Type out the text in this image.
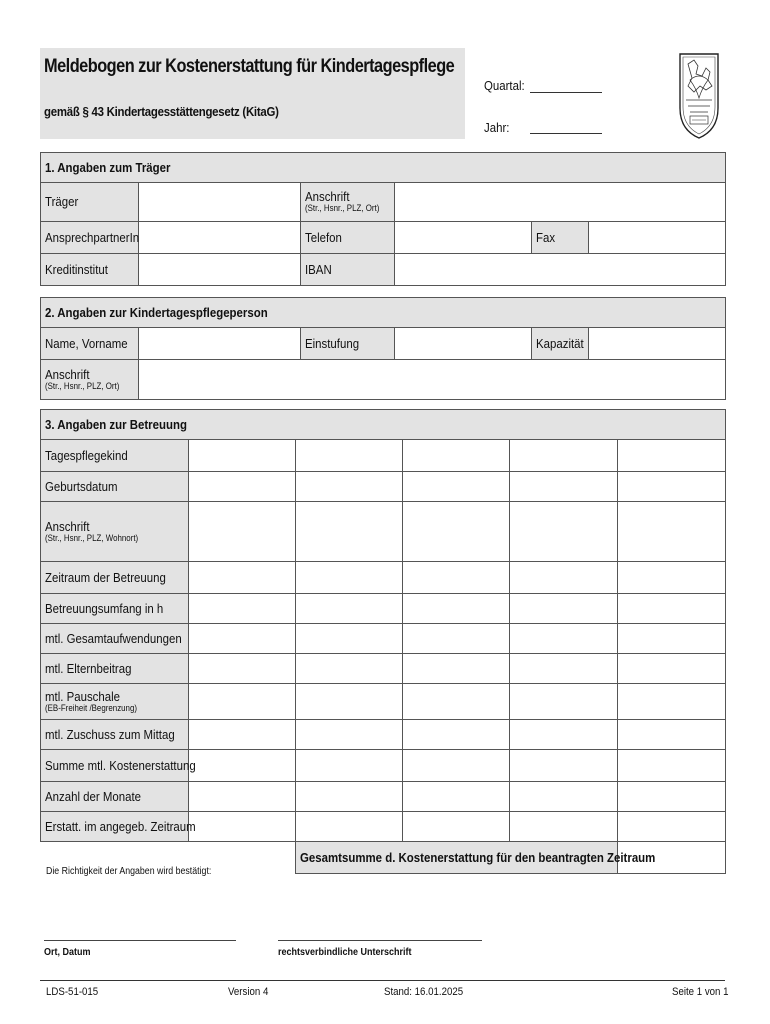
Meldebogen zur Kostenerstattung für Kindertagespflege
gemäß § 43 Kindertagesstättengesetz (KitaG)
Quartal:
Jahr:
1. Angaben zum Träger					
Träger		Anschrift
(Str., Hsnr., PLZ, Ort)			

AnsprechpartnerIn		Telefon		Fax	
Kreditinstitut		IBAN			
2. Angaben zur Kindertagespflegeperson					
Name, Vorname		Einstufung		Kapazität	
Anschrift
(Str., Hsnr., PLZ, Ort)					

3. Angaben zur Betreuung					
Tagespflegekind					
Geburtsdatum					
Anschrift
(Str., Hsnr., PLZ, Wohnort)					

Zeitraum der Betreuung					
Betreuungsumfang in h					
mtl. Gesamtaufwendungen					
mtl. Elternbeitrag					
mtl. Pauschale
(EB-Freiheit /Begrenzung)					

mtl. Zuschuss zum Mittag					
Summe mtl. Kostenerstattung					
Anzahl der Monate					
Erstatt. im angegeb. Zeitraum					
		Gesamtsumme d. Kostenerstattung für den beantragten Zeitraum			
Die Richtigkeit der Angaben wird bestätigt:
Ort, Datum	rechtsverbindliche Unterschrift
LDS-51-015	Version 4	Stand: 16.01.2025	Seite 1 von 1
